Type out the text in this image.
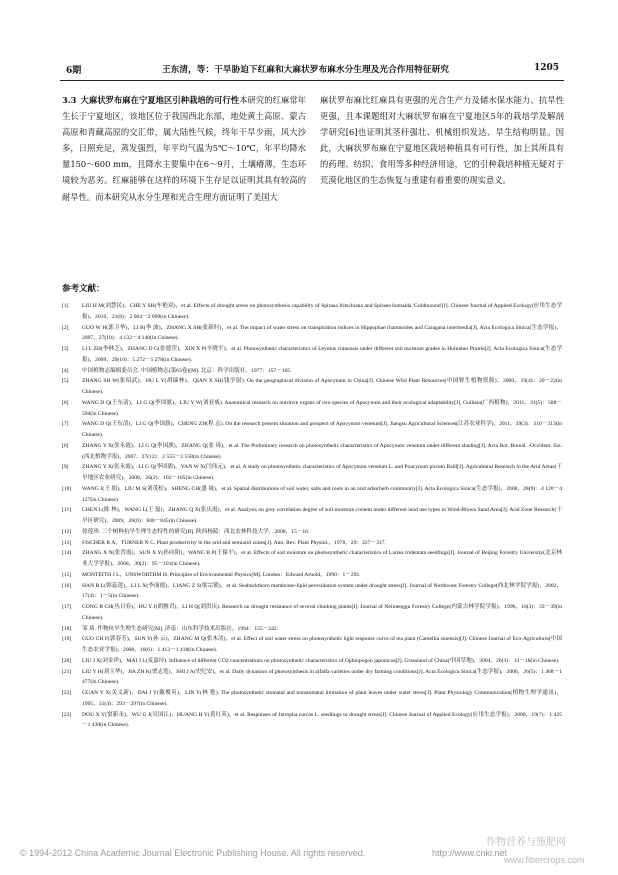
6期	王东清，等：干旱胁迫下红麻和大麻状罗布麻水分生理及光合作用特征研究	1205

3.3 大麻状罗布麻在宁夏地区引种栽培的可行性本研究的红麻常年生长于宁夏地区，该地区位于我国西北东部，地处黄土高原、蒙古高原和青藏高原的交汇带，属大陆性气候，终年干旱少雨，风大沙多，日照充足，蒸发强烈，年平均气温为5℃～10℃，年平均降水量150～600 mm，且降水主要集中在6～9月，土壤瘠薄，生态环境较为恶劣。红麻能够在这样的环境下生存足以证明其具有较高的耐旱性。而本研究从水分生理和光合生理方面证明了美国大

麻状罗布麻比红麻具有更强的光合生产力及储水保水能力、抗旱性更强，且本课题组对大麻状罗布麻在宁夏地区5年的栽培学及解剖学研究[6]也证明其茎秆强壮、机械组织发达、旱生结构明显。因此，大麻状罗布麻在宁夏地区栽培种植具有可行性，加上其所具有的药理、纺织、食用等多种经济用途，它的引种栽培种植无疑对于荒漠化地区的生态恢复与重建有着重要的现实意义。

参考文献：
[1]	LIU H M(刘慧民)，CHE Y SH(车艳双)，et al. Effects of drought stress on photosynthesis capability of Spiraea fritschiana and Spiraea bumalda 'Goldmound'[J]. Chinese Journal of Applied Ecology(应用生态学报)，2010，21(8)：2 004－2 009(in Chinese).
[2]	GUO W H(郭卫华)，LI B(李 波)，ZHANG X SH(张新时)，et al. The impact of water stress on transpiration indices in Hippophae rhamnoides and Caragana intermedia[J]. Acta Ecologica Sinica(生态学报)，2007，27(10)：4 132－4 140(in Chinese).
[3]	LI L ZH(李林芝)，ZHANG D G(张德罡)，XIN X P(辛晓平)，et al. Photosynthetic characteristics of Leymus chinensis under different soil moisture grades in Hulunber Prairie[J]. Acta Ecologica Sinica(生态学报)，2009，29(10)：5 272－5 278(in Chinese).
[4]	中国植物志编辑委员会. 中国植物志(第63卷)[M]. 北京：科学出版社，1977：157－165.
[5]	ZHANG SH W(张绍武)，HU L Y(胡瑞林)，QIAN X SH(钱学射). On the geographical division of Apocynum in China[J]. Chinese Wild Plant Resources(中国野生植物资源)，2000，19(4)：20－22(in Chinese).
[6]	WANG D Q(王东清)，LI G Q(李国旗)，LIU Y W(刘亚威). Anatomical research on nutritive organs of two species of Apocynum and their ecological adaptability[J]. Guihaia(广西植物)，2011，31(5)：588－594(in Chinese).
[7]	WANG D Q(王东清)，LI G Q(李国旗)，CHENG ZH(程 志). On the research present situation and prospect of Apocynum venetum[J]. Jiangsu Agricultural Sciences(江苏农业科学)，2011，39(3)：310－313(in Chinese).
[8]	ZHANG Y X(张永霞)，LI G Q(李国旗)，ZHANG Q(张 琦)，et al. The Preliminary research on photosynthetic characteristics of Apocynum venetum under different shading[J]. Acta Bot. Boreal. -Occident. Sin.(西北植物学报)，2007，27(12)：2 555－2 558(in Chinese).
[9]	ZHANG Y X(张永霞)，LI G Q(李国旗)，YAN W X(闫伟元)，et al. A study on photosynthetic characteristics of Apocynum venetum L. and Poacynum pictum Baill[J]. Agricultural Research in the Arid Areas(干旱地区农业研究)，2008，26(2)：102－105(in Chinese).
[10]	WANG J(王 娟)，LIU M S(刘茂松)，SHENG CH(盛 晟)，et al. Spatial distributions of soil water, salts and roots in an arid arborherb community[J]. Acta Ecologica Sinica(生态学报)，2008，28(9)：4 120－4 127(in Chinese).
[11]	CHEN L(陈 林)，WANG L(王 磊)，ZHANG Q X(张庆霞)，et al. Analysis on grey correlation degree of soil moisture content under different land use types in Wind-Blown Sand Area[J]. Arid Zone Research(干旱区研究)，2009，26(6)：840－845(in Chinese).
[12]	徐莲珍. 三个树种抗旱生理生态特性的研究[D]. 陕西杨陵：西北农林科技大学，2008，15－16.
[13]	FISCHER R A，TURNER N C. Plant productivity in the arid and semiarid zones[J]. Ann. Rev. Plant Physiol.，1978，29：227－317.
[14]	ZHANG X N(张晋霞)，SUN X Y(孙向阳)，WANG B P(王保平)，et al. Effects of soil moisture on photosynthetic characteristics of Larrea tridentata seedlings[J]. Journal of Beijing Forestry University(北京林业大学学报)，2008，30(2)：95－101(in Chinese).
[15]	MONTEITH J L，UNSWORTHM H. Principles of Environmental Physics[M]. London：Edward Arnold，1990：1－291.
[16]	HAN R L(韩蕊莲)，LI L X(李丽霞)，LIANG Z S(梁宗锁)，et al. Seabuckthorn membrane-lipid peroxidation system under drought stress[J]. Journal of Northwest Forestry College(西北林学院学报)，2002，17(4)：1－5(in Chinese).
[17]	CONG R CH(丛日春)，HU Y J(胡雅君)，LI H Q(刘洪庆). Research on drought resistance of several climbing plants[J]. Journal of Neimenggu Forestry College(内蒙古林学院学报)，1996，18(3)：33－39(in Chinese).
[18]	邹 琦. 作物抗旱生理生态研究[M]. 济南：山东科学技术出版社，1994：155－242.
[19]	GUO CH F(郭春芳)，SUN Y(孙 云)，ZHANG M Q(张木清)，et al. Effect of soil water stress on photosynthetic light response curve of tea plant (Camellia sinensis)[J]. Chinese Journal of Eco-Agriculture(中国生态农业学报)，2008，16(6)：1 413－1 418(in Chinese).
[20]	LIU J X(刘金祥)，MAI J L(麦嘉玲). Influence of different CO2 concentrations on photosynthetic characteristics of Ophiopogon japonicus[J]. Grassland of China(中国草地)，2004，26(3)：13－18(in Chinese).
[21]	LIU Y H(刘玉华)，JIA ZH K(贾志宽)，SHI J A(史纪安)，et al. Daily dynamics of photosynthesis in alfalfa varieties under dry farming conditions[J]. Acta Ecologica Sinica(生态学报)，2006，26(5)：1 468－1 477(in Chinese).
[22]	GUAN Y X(关义新)，DAI J Y(戴俊英)，LIN Y(林 艳). The photosynthetic stomatal and nonstomatal limitation of plant leaves under water stress[J]. Plant Physiology Communication(植物生理学通讯)，1995，31(4)：293－297(in Chinese).
[23]	DOU X Y(窦新永)，WU G J(吴国江)，HUANG H Y(黄红英)，et al. Responses of Jatropha curcas L. seedlings to drought stress[J]. Chinese Journal of Applied Ecology(应用生态学报)，2008，19(7)：1 425－1 430(in Chinese).
© 1994-2012 China Academic Journal Electronic Publishing House. All rights reserved.	http://www.cnki.net
作物营养与施肥网
www.fibercrops.com
